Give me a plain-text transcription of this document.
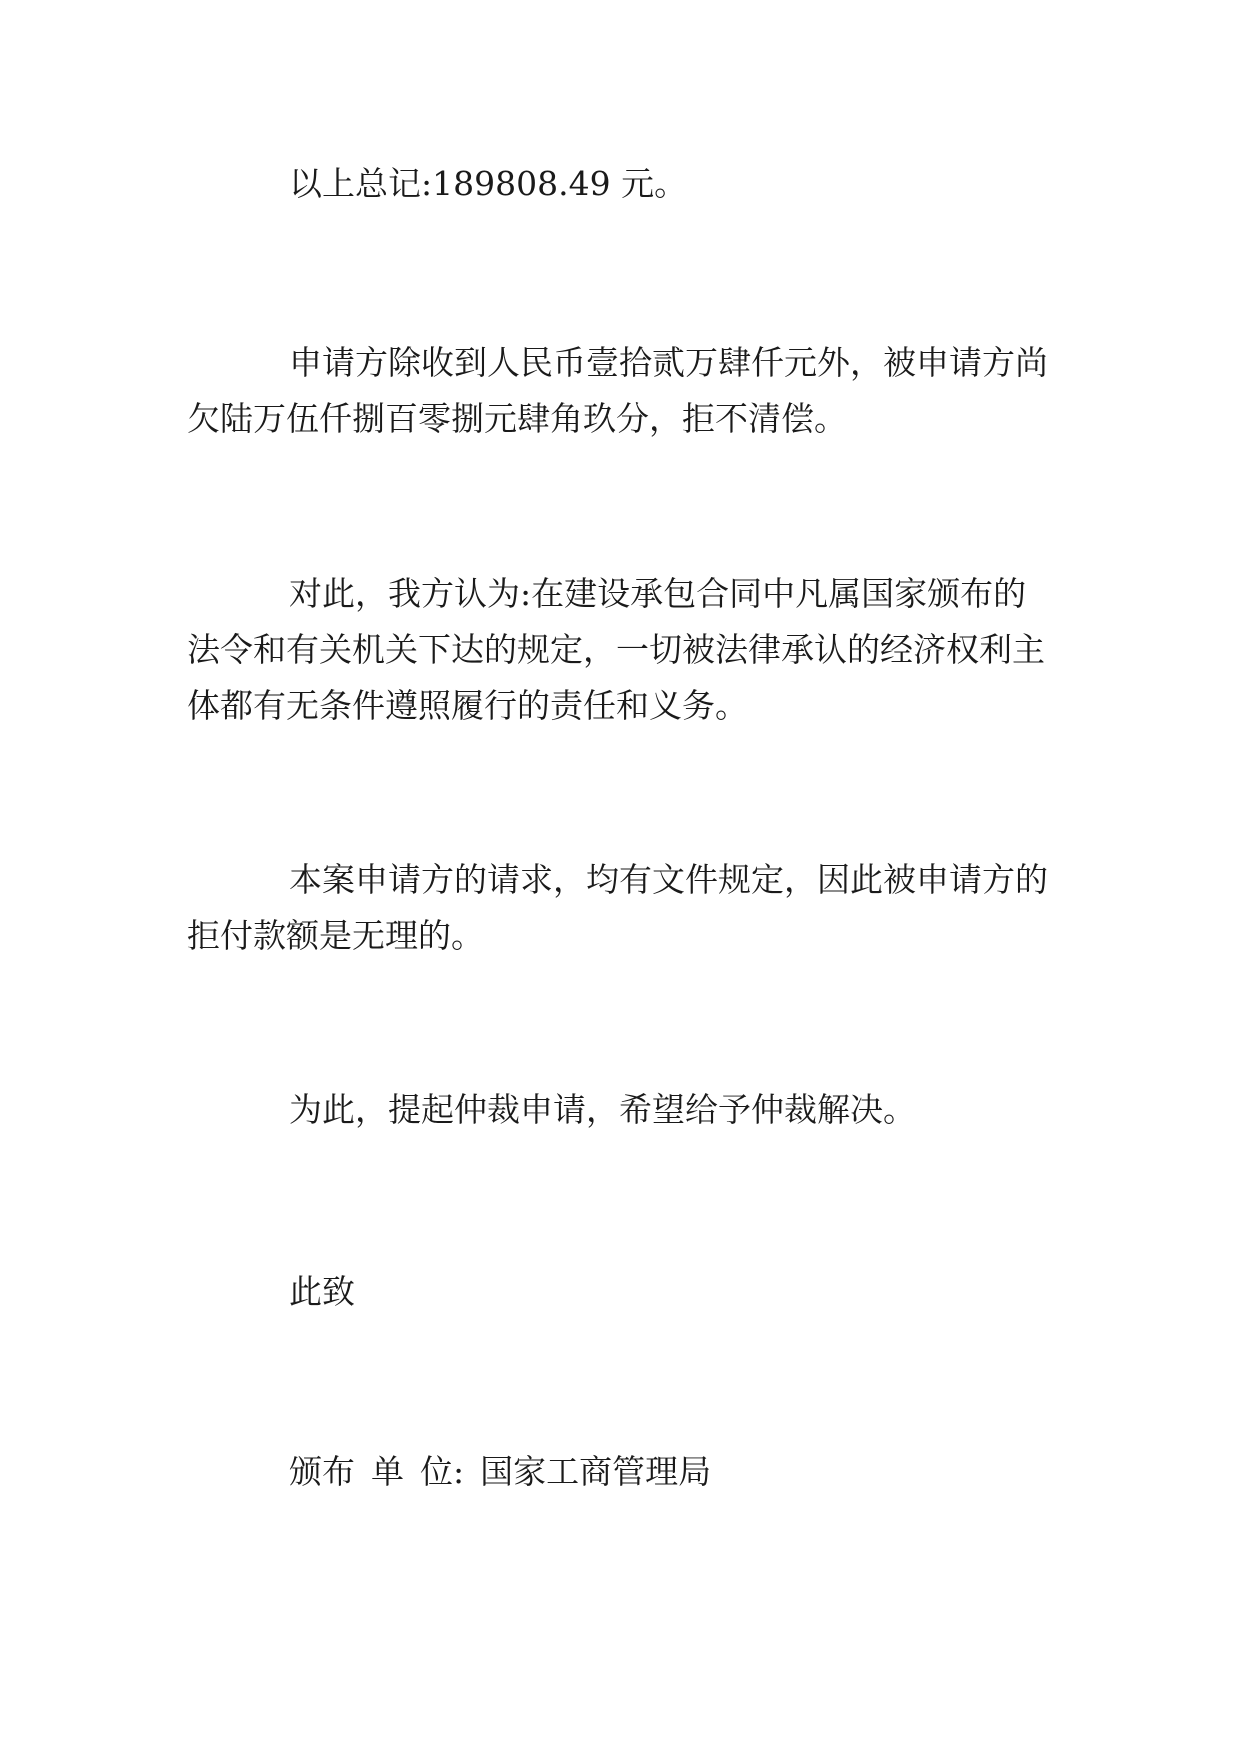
以上总记:189808.49 元。

申请方除收到人民币壹拾贰万肆仟元外，被申请方尚
欠陆万伍仟捌百零捌元肆角玖分，拒不清偿。

对此，我方认为:在建设承包合同中凡属国家颁布的
法令和有关机关下达的规定，一切被法律承认的经济权利主
体都有无条件遵照履行的责任和义务。

本案申请方的请求，均有文件规定，因此被申请方的
拒付款额是无理的。

为此，提起仲裁申请，希望给予仲裁解决。

此致

颁布 单 位: 国家工商管理局
